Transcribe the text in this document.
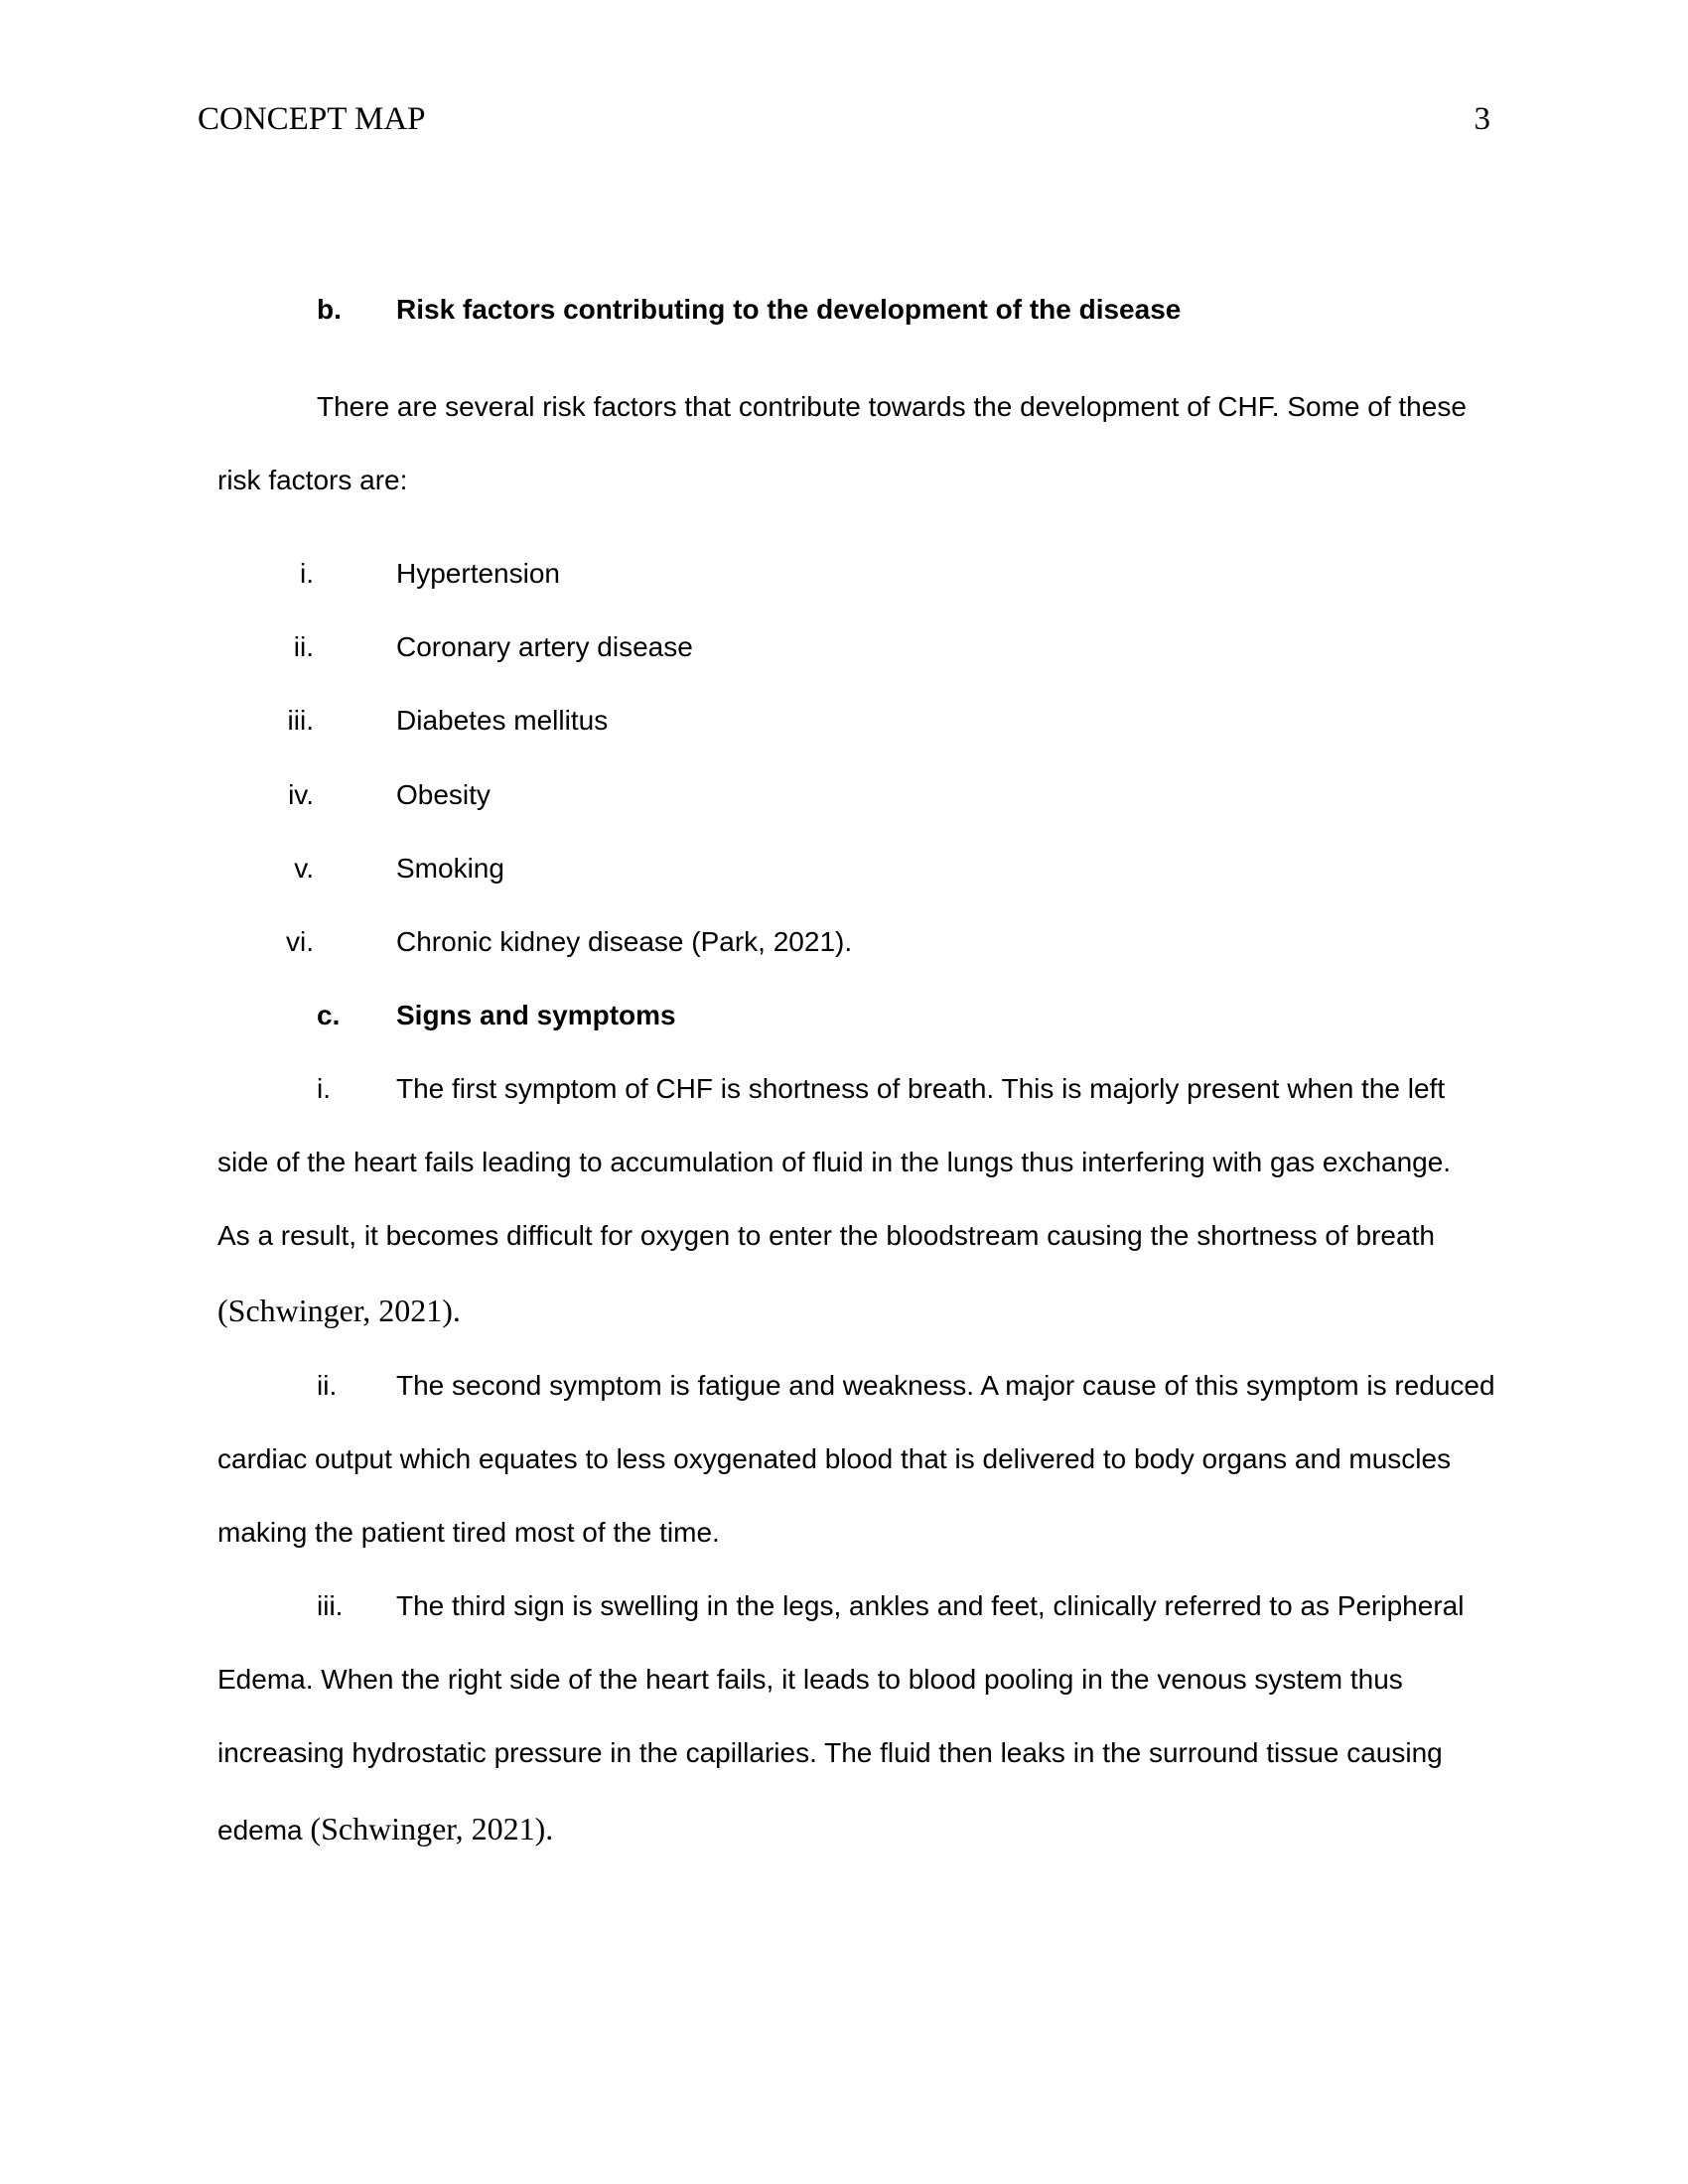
CONCEPT MAP	3
b. Risk factors contributing to the development of the disease
There are several risk factors that contribute towards the development of CHF. Some of these
risk factors are:
i.	Hypertension
ii.	Coronary artery disease
iii.	Diabetes mellitus
iv.	Obesity
v.	Smoking
vi.	Chronic kidney disease (Park, 2021).
c. Signs and symptoms
i. The first symptom of CHF is shortness of breath. This is majorly present when the left
side of the heart fails leading to accumulation of fluid in the lungs thus interfering with gas exchange.
As a result, it becomes difficult for oxygen to enter the bloodstream causing the shortness of breath
(Schwinger, 2021).
ii. The second symptom is fatigue and weakness. A major cause of this symptom is reduced
cardiac output which equates to less oxygenated blood that is delivered to body organs and muscles
making the patient tired most of the time.
iii. The third sign is swelling in the legs, ankles and feet, clinically referred to as Peripheral
Edema. When the right side of the heart fails, it leads to blood pooling in the venous system thus
increasing hydrostatic pressure in the capillaries. The fluid then leaks in the surround tissue causing
edema (Schwinger, 2021).
